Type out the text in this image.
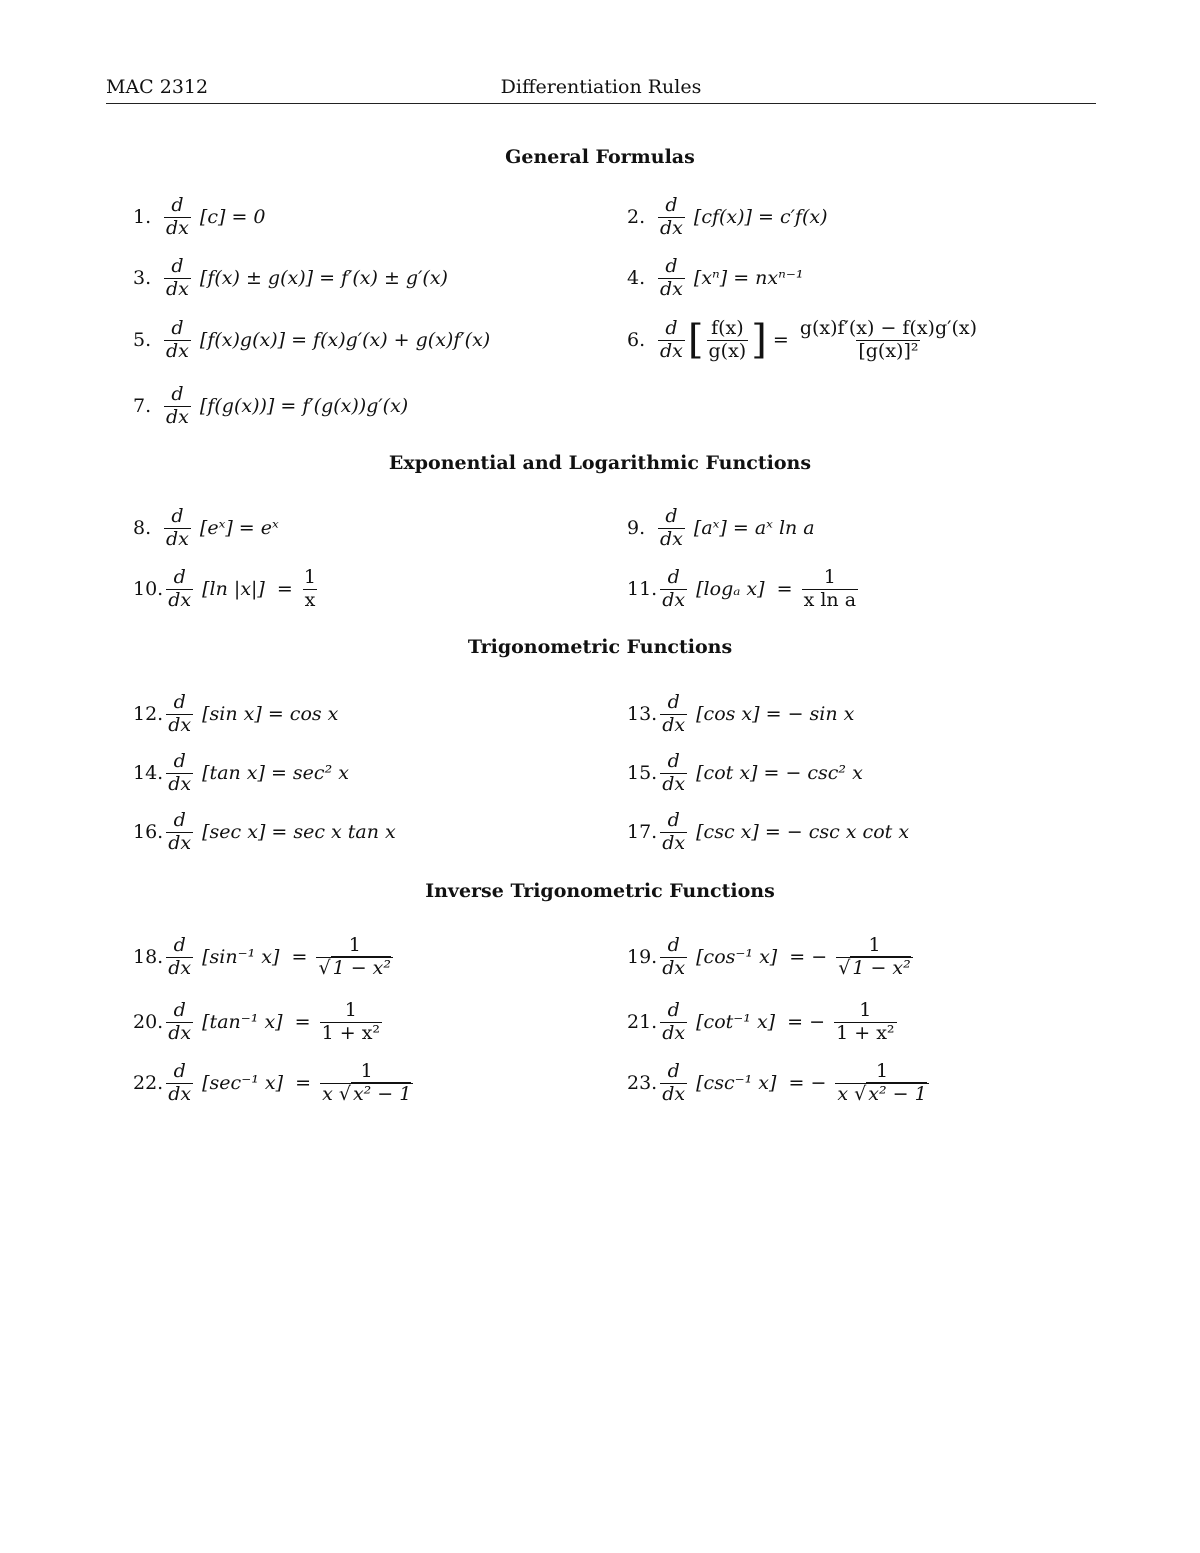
MAC 2312	Differentiation Rules
General Formulas
Exponential and Logarithmic Functions
Trigonometric Functions
Inverse Trigonometric Functions
1. $\frac{d}{dx} [c] = 0$	2. $\frac{d}{dx} [cf(x)] = c'f(x)$
3. $\frac{d}{dx} [f(x) \pm g(x)] = f'(x) \pm g'(x)$	4. $\frac{d}{dx} [x^n] = nx^{n-1}$
5. $\frac{d}{dx} [f(x)g(x)] = f(x)g'(x) + g(x)f'(x)$	6. $\frac{d}{dx}$ [ $\frac{f(x)}{g(x)}$ ] = $\frac{g(x)f'(x) - f(x)g'(x)}{\text{[g(x)]²}}$
7. $\frac{d}{dx} [f(g(x))] = f'(g(x))g'(x)$
8. $\frac{d}{dx}$ [eˣ] = eˣ	9. $\frac{d}{dx}$ [aˣ] = aˣ ln a
10. $\frac{d}{dx} [\ln$ $|x|] = \frac{1}{x}$	11. $\frac{d}{dx} [\log_a$ $x] = \frac{1}{\text{x ln a}}$
12. $\frac{d}{dx} [\sin$ x] = cos x	13. $\frac{d}{dx} [\cos$ x] = − sin x
14. $\frac{d}{dx} [\tan$ x] = sec² x	15. $\frac{d}{dx} [\cot$ x] = − csc² x
16. $\frac{d}{dx} [\sec$ x] = sec x tan x	17. $\frac{d}{dx} [\csc$ x] = − csc x cot x
18. $\frac{d}{dx} [\sin^{-1}$ $x] = \frac{1}{\text{√ 1 − x²}}$	19. $\frac{d}{dx} [\cos^{-1}$ x] = − $\frac{1}{\text{√ 1 − x²}}$
20. $\frac{d}{dx} [\tan^{-1}$ $x] = \frac{1}{\text{1 + x²}}$	21. $\frac{d}{dx} [\cot^{-1}$ x] = − $\frac{1}{\text{1 + x²}}$
22. $\frac{d}{dx} [\sec^{-1}$ $x] = \frac{1}{\text{x √ x² − 1}}$	23. $\frac{d}{dx} [\csc^{-1}$ x] = − $\frac{1}{\text{x √ x² − 1}}$
